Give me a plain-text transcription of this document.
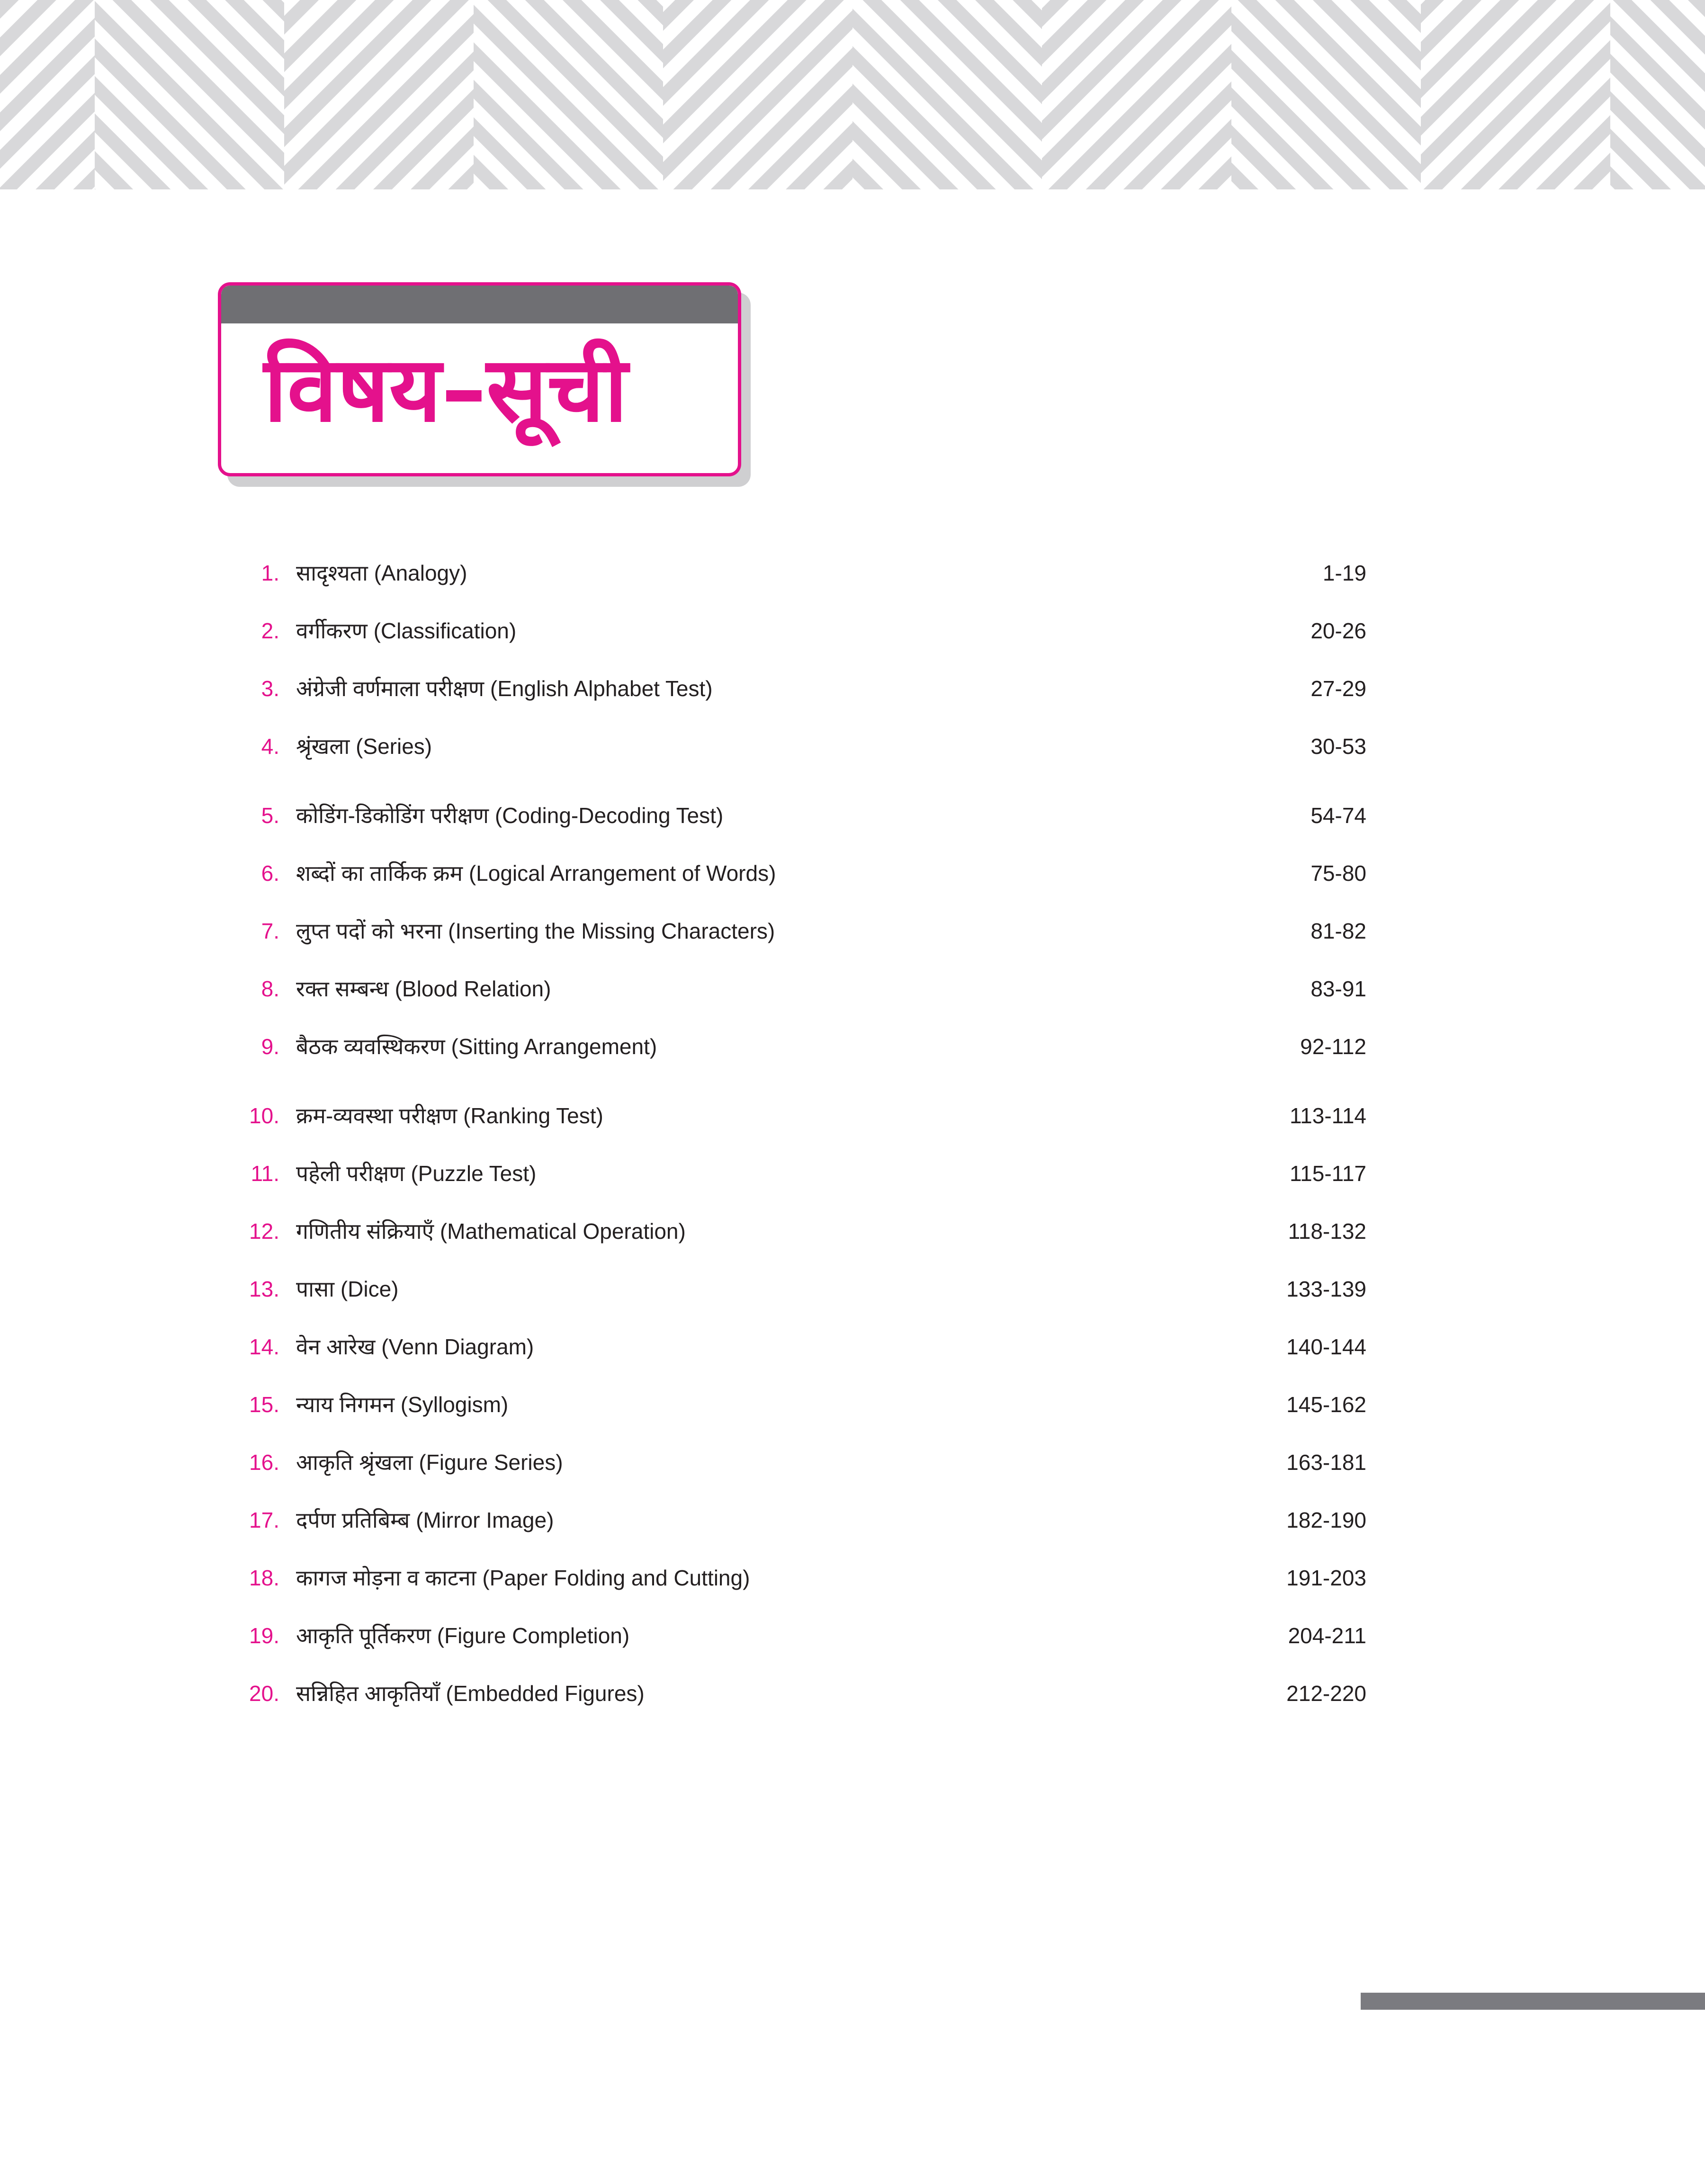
विषय–सूची
1. सादृश्यता (Analogy)	1-19
2. वर्गीकरण (Classification)	20-26
3. अंग्रेजी वर्णमाला परीक्षण (English Alphabet Test)	27-29
4. श्रृंखला (Series)	30-53
5. कोडिंग-डिकोडिंग परीक्षण (Coding-Decoding Test)	54-74
6. शब्दों का तार्किक क्रम (Logical Arrangement of Words)	75-80
7. लुप्त पदों को भरना (Inserting the Missing Characters)	81-82
8. रक्त सम्बन्ध (Blood Relation)	83-91
9. बैठक व्यवस्थिकरण (Sitting Arrangement)	92-112
10. क्रम-व्यवस्था परीक्षण (Ranking Test)	113-114
11. पहेली परीक्षण (Puzzle Test)	115-117
12. गणितीय संक्रियाएँ (Mathematical Operation)	118-132
13. पासा (Dice)	133-139
14. वेन आरेख (Venn Diagram)	140-144
15. न्याय निगमन (Syllogism)	145-162
16. आकृति श्रृंखला (Figure Series)	163-181
17. दर्पण प्रतिबिम्ब (Mirror Image)	182-190
18. कागज मोड़ना व काटना (Paper Folding and Cutting)	191-203
19. आकृति पूर्तिकरण (Figure Completion)	204-211
20. सन्निहित आकृतियाँ (Embedded Figures)	212-220
